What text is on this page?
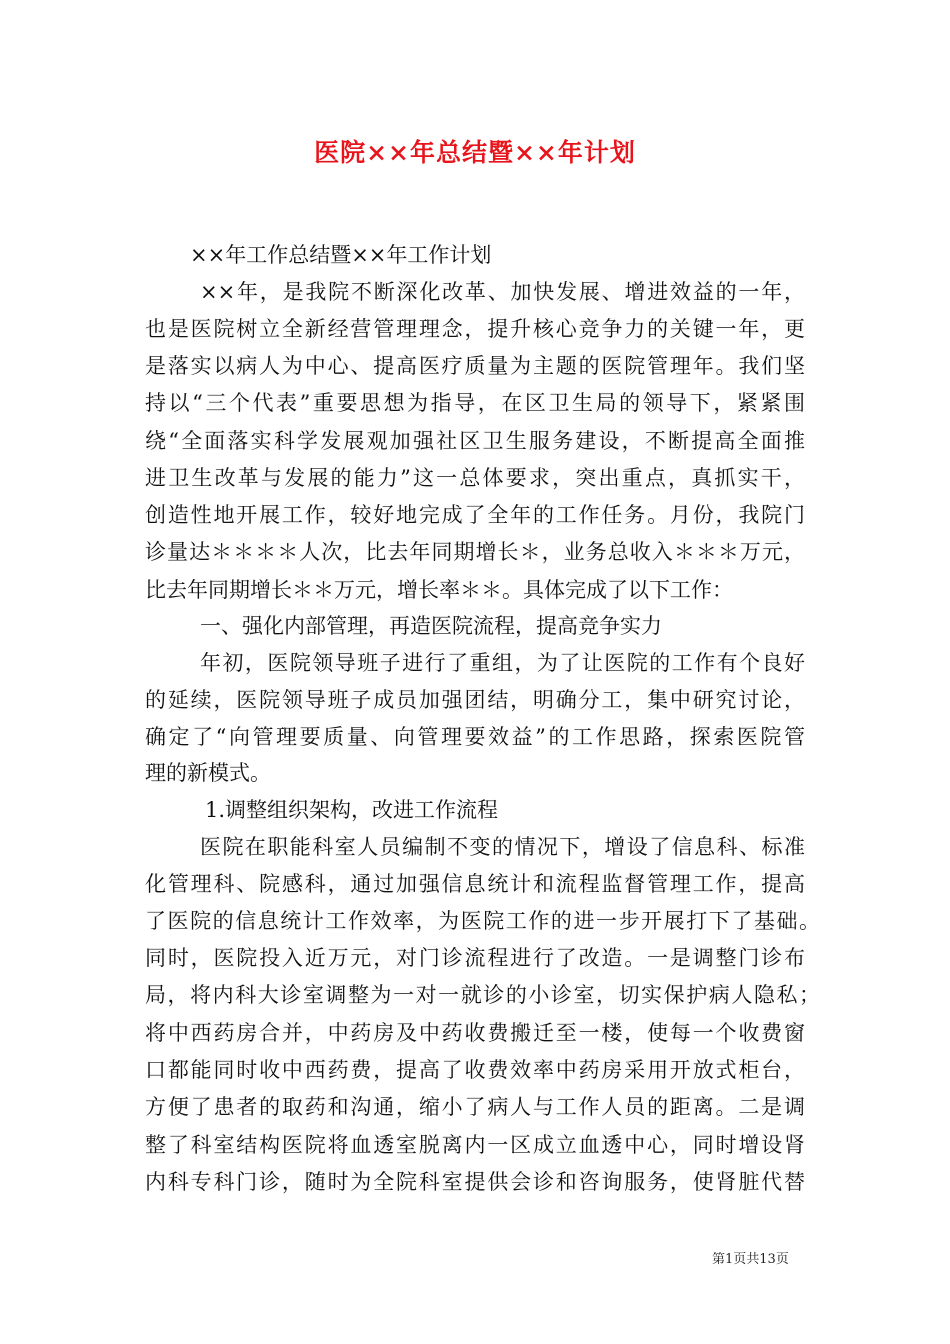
医院××年总结暨××年计划
××年工作总结暨××年工作计划
××年，是我院不断深化改革、加快发展、增进效益的一年，
也是医院树立全新经营管理理念，提升核心竞争力的关键一年，更
是落实以病人为中心、提高医疗质量为主题的医院管理年。我们坚
持以“三个代表”重要思想为指导，在区卫生局的领导下，紧紧围
绕“全面落实科学发展观加强社区卫生服务建设，不断提高全面推
进卫生改革与发展的能力”这一总体要求，突出重点，真抓实干，
创造性地开展工作，较好地完成了全年的工作任务。月份，我院门
诊量达＊＊＊＊人次，比去年同期增长＊，业务总收入＊＊＊万元，
比去年同期增长＊＊万元，增长率＊＊。具体完成了以下工作：
一、强化内部管理，再造医院流程，提高竞争实力
年初，医院领导班子进行了重组，为了让医院的工作有个良好
的延续，医院领导班子成员加强团结，明确分工，集中研究讨论，
确定了“向管理要质量、向管理要效益”的工作思路，探索医院管
理的新模式。
1.调整组织架构，改进工作流程
医院在职能科室人员编制不变的情况下，增设了信息科、标准
化管理科、院感科，通过加强信息统计和流程监督管理工作，提高
了医院的信息统计工作效率，为医院工作的进一步开展打下了基础。
同时，医院投入近万元，对门诊流程进行了改造。一是调整门诊布
局，将内科大诊室调整为一对一就诊的小诊室，切实保护病人隐私；
将中西药房合并，中药房及中药收费搬迁至一楼，使每一个收费窗
口都能同时收中西药费，提高了收费效率中药房采用开放式柜台，
方便了患者的取药和沟通，缩小了病人与工作人员的距离。二是调
整了科室结构医院将血透室脱离内一区成立血透中心，同时增设肾
内科专科门诊，随时为全院科室提供会诊和咨询服务，使肾脏代替
第1页共13页
